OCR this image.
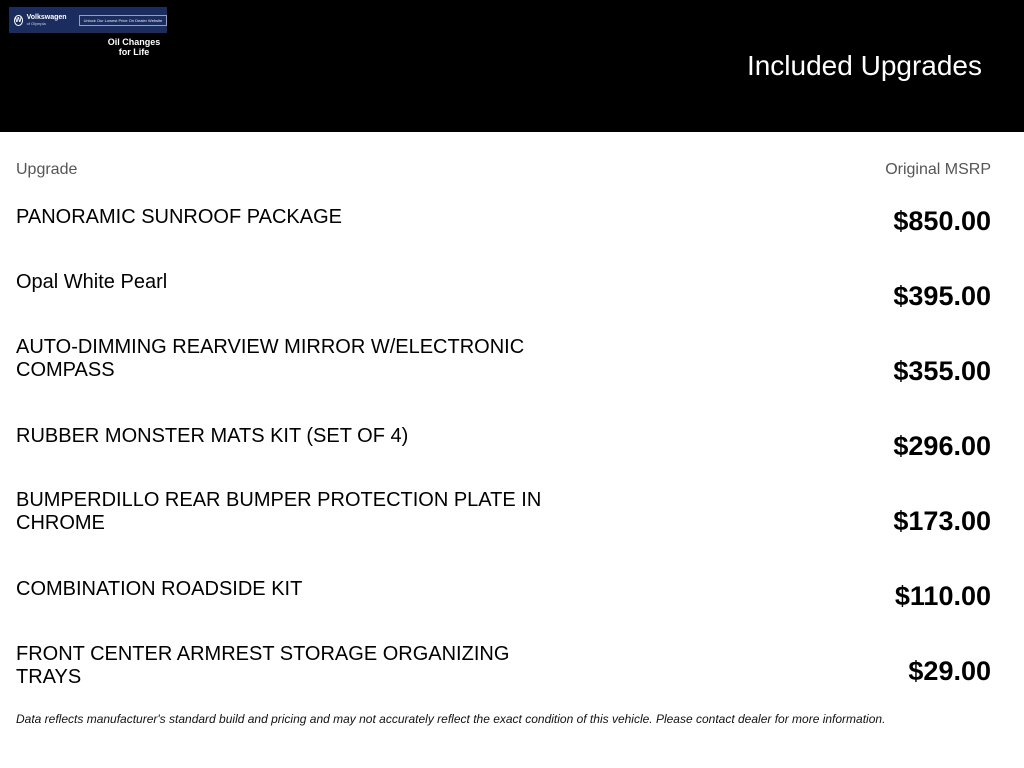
W Volkswagen
of Olympia
Unlock Our Lowest Price On Dealer Website
Oil Changes
for Life	Included Upgrades
Upgrade	Original MSRP
PANORAMIC SUNROOF PACKAGE	$850.00
Opal White Pearl	$395.00
AUTO-DIMMING REARVIEW MIRROR W/ELECTRONIC COMPASS	$355.00
RUBBER MONSTER MATS KIT (SET OF 4)	$296.00
BUMPERDILLO REAR BUMPER PROTECTION PLATE IN CHROME	$173.00
COMBINATION ROADSIDE KIT	$110.00
FRONT CENTER ARMREST STORAGE ORGANIZING TRAYS	$29.00
Data reflects manufacturer's standard build and pricing and may not accurately reflect the exact condition of this vehicle. Please contact dealer for more information.
